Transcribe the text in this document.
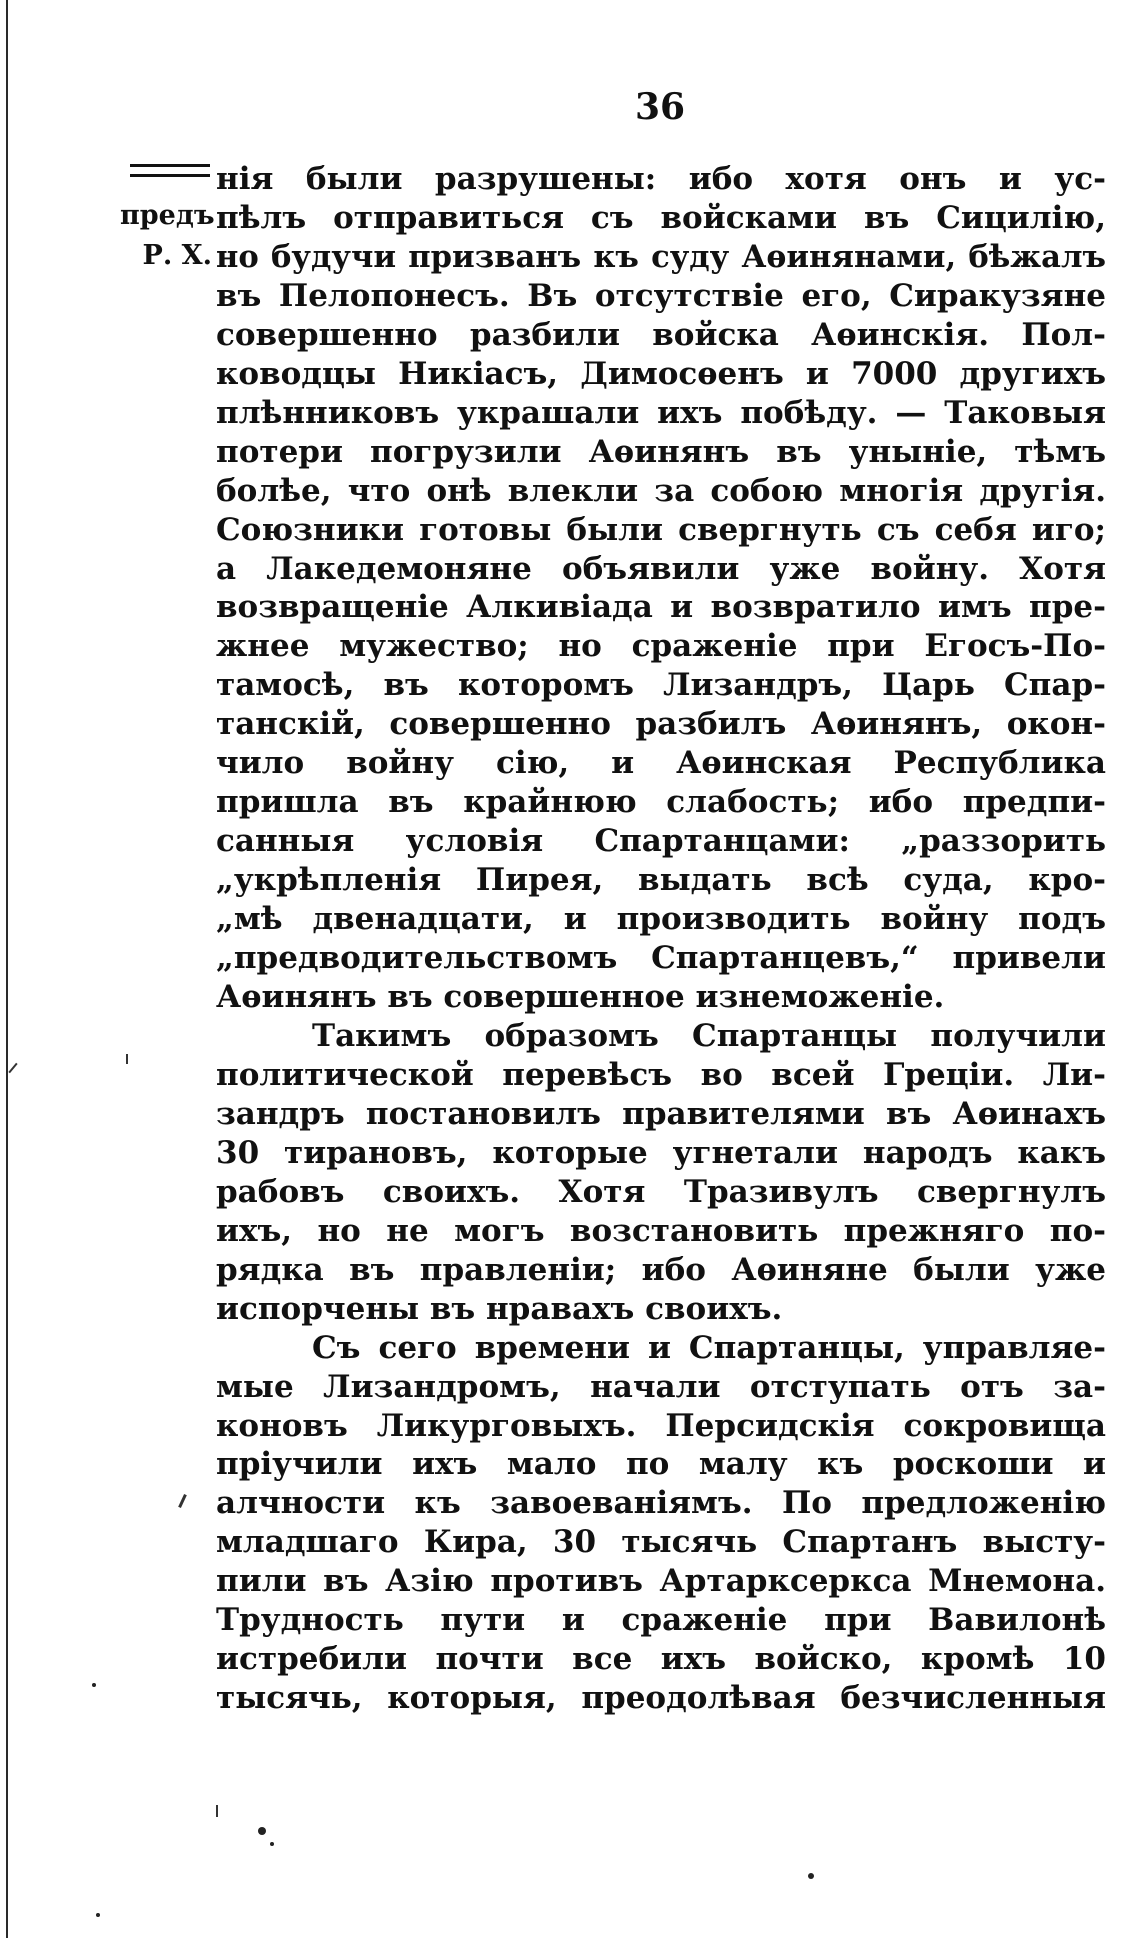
36
предъ
Р. Х.
нія были разрушены: ибо хотя онъ и ус-
пѣлъ отправиться съ войсками въ Сицилію,
но будучи призванъ къ суду Аѳинянами, бѣжалъ
въ Пелопонесъ. Въ отсутствіе его, Сиракузяне
совершенно разбили войска Аѳинскія. Пол-
ководцы Никіасъ, Димосѳенъ и 7000 другихъ
плѣнниковъ украшали ихъ побѣду. — Таковыя
потери погрузили Аѳинянъ въ уныніе, тѣмъ
болѣе, что онѣ влекли за собою многія другія.
Союзники готовы были свергнуть съ себя иго;
а Лакедемоняне объявили уже войну. Хотя
возвращеніе Алкивіада и возвратило имъ пре-
жнее мужество; но сраженіе при Егосъ-По-
тамосѣ, въ которомъ Лизандръ, Царь Спар-
танскій, совершенно разбилъ Аѳинянъ, окон-
чило войну сію, и Аѳинская Республика
пришла въ крайнюю слабость; ибо предпи-
санныя условія Спартанцами: „раззорить
„укрѣпленія Пирея, выдать всѣ суда, кро-
„мѣ двенадцати, и производить войну подъ
„предводительствомъ Спартанцевъ,“ привели
Аѳинянъ въ совершенное изнеможеніе.
Такимъ образомъ Спартанцы получили
политической перевѣсъ во всей Греціи. Ли-
зандръ постановилъ правителями въ Аѳинахъ
30 тирановъ, которые угнетали народъ какъ
рабовъ своихъ. Хотя Тразивулъ свергнулъ
ихъ, но не могъ возстановить прежняго по-
рядка въ правленіи; ибо Аѳиняне были уже
испорчены въ нравахъ своихъ.
Съ сего времени и Спартанцы, управляе-
мые Лизандромъ, начали отступать отъ за-
коновъ Ликурговыхъ. Персидскія сокровища
пріучили ихъ мало по малу къ роскоши и
алчности къ завоеваніямъ. По предложенію
младшаго Кира, 30 тысячь Спартанъ высту-
пили въ Азію противъ Артарксеркса Мнемона.
Трудность пути и сраженіе при Вавилонѣ
истребили почти все ихъ войско, кромѣ 10
тысячь, которыя, преодолѣвая безчисленныя
